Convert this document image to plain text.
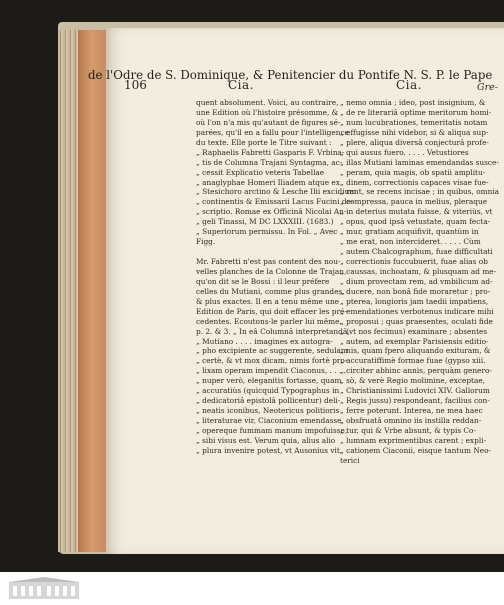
106	Cia.	Cia.
de l'Odre de S. Dominique, & Penitencier du Pontife N. S. P. le Pape
Gre-
quent absolument. Voici, au contraire,
une Edition où l'histoire présomme, &
où l'on n'a mis qu'autant de figures sé-
parées, qu'il en a fallu pour l'intelligence
du texte. Elle porte le Titre suivant :
„ Raphaelis Fabretti Gasparis F. Vrbina-
„ tis de Columna Trajani Syntagma, ac-
„ cessit Explicatio veteris Tabellae
„ anaglyphae Homeri Iliadem atque ex
„ Stesichoro arctino & Lesche Ilii excidium
„ continentis & Emissarii Lacus Fucini de-
„ scriptio. Romae ex Officinâ Nicolai An-
„ geli Tinassi, M DC LXXXIII. (1683.)
„ Superiorum permissu. In Fol. „ Avec
Figg.
Mr. Fabretti n'est pas content des nou-
velles planches de la Colonne de Trajan,
qu'on dit se le Bossi : il leur préfere
celles du Mutiani, comme plus grandes,
& plus exactes. Il en a tenu même une
Edition de Paris, qui doit effacer les pré-
cedentes. Ecoutons-le parler lui même,
p. 2. & 3. „ In eâ Columnâ interpretandâ,
„ Mutiano . . . . imagines ex autogra-
„ pho excipiente ac suggerente, sedulam
„ certè, & vt mox dicam, nimis fortè pro-
„ lixam operam impendit Ciaconus, . . . .
„ nuper verò, eleganitis fortasse, quam
„ accuratiùs (quicquid Typographus in
„ dedicatoriâ epistolâ pollicentur) deli-
„ neatis iconibus, Neotericus politioris
„ literaturae vir, Ciaconium emendasse,
„ opereque fummam manum impofuisse,
„ sibi visus est. Verum quia, alius alio
„ plura invenire potest, vt Ausonius vit,
„ nemo omnia ; ideo, post insignium, &
„ de re literariâ optime meritorum homi-
„ num lucubrationes, temeritatis notam
„ effugisse nihi videbor, si & aliqua sup-
„ plere, aliqua diversâ conjecturâ profe-
„ qui ausus fuero. . . . . Vetustiores
„ illas Mutiani laminas emendandas susce-
„ peram, quia magis, ob spatii amplitu-
„ dinem, correctionis capaces visae fue-
„ rant, se recens incisae ; in quibus, omnia
„ compressa, pauca in melius, pleraque
„ in deterius mutata fuisse, & viteriùs, vt
„ opus, quod ipsâ vetustate, quam fecta-
„ mur, gratiam acquifivit, quantùm in
„ me erat, non intercideret. . . . . Cùm
„ autem Chalcographum, fuae difficultati
„ correctionis fuccubuerit, fuae alias ob
„ caussas, inchoatam, & plusquam ad me-
„ dium provectam rem, ad vmbilicum ad-
„ ducere, non bonâ fide moraretur ; pro-
„ pterea, longioris jam taedii impatiens,
„ emendationes verbotenus indicare mihi
„ proposui ; quas praesentes, oculati fide
„ (vt nos fecimus) examinare ; absentes
„ autem, ad exemplar Parisiensis editio-
„ nis, quam fpero aliquando exituram, &
„ accuratiffimè formae fuae (gypso xiii.
„ circiter abhinc annis, perquàm genero-
„ sò, & verè Regio molimine, exceptae,
„ Christianissimi Ludovici XIV. Gallorum
„ Regis jussu) respondeant, facilius con-
„ ferre poterunt. Interea, ne mea haec
„ obsfruatâ omnino iis instilla reddan-
„ tur, qui & Vrbe absunt, & typis Co-
„ lumnam exprimentibus carent ; expli-
„ cationem Ciaconii, eisque tantum Neo-
terici
